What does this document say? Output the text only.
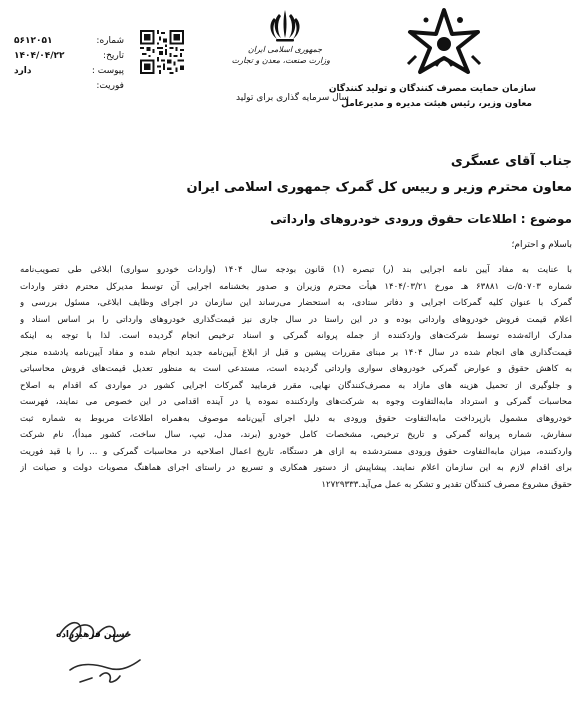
سازمان حمایت مصرف کنندگان و تولید کنندگان
معاون وزیر، رئیس هیئت مدیره و مدیرعامل
جمهوری اسلامی ایران
وزارت صنعت، معدن و تجارت
سال سرمایه گذاری برای تولید
شماره:
۵۶۱۲۰۵۱
تاریخ:
۱۴۰۴/۰۴/۲۲
پیوست :
دارد
فوریت:
جناب آقای عسگری
معاون محترم وزیر و رییس کل گمرک جمهوری اسلامی ایران
موضوع : اطلاعات حقوق ورودی خودروهای وارداتی
باسلام و احترام؛
با عنایت به مفاد آیین نامه اجرایی بند (ر) تبصره (۱) قانون بودجه سال ۱۴۰۴ (واردات خودرو سواری) ابلاغی طی تصویب‌نامه
شماره ۵۰۷۰۳/ت ۶۳۸۸۱ هـ مورخ ۱۴۰۴/۰۳/۲۱ هیأت محترم وزیران و صدور بخشنامه اجرایی آن توسط مدیرکل محترم دفتر واردات
گمرک با عنوان کلیه گمرکات اجرایی و دفاتر ستادی، به استحضار می‌رساند این سازمان در اجرای وظایف ابلاغی، مسئول بررسی و
اعلام قیمت فروش خودروهای وارداتی بوده و در این راستا در سال جاری نیز قیمت‌گذاری خودروهای وارداتی را بر اساس اسناد و
مدارک ارائه‌شده توسط شرکت‌های واردکننده از جمله پروانه گمرکی و اسناد ترخیص انجام گردیده است. لذا با توجه به اینکه
قیمت‌گذاری های انجام شده در سال ۱۴۰۴ بر مبنای مقررات پیشین و قبل از ابلاغ آیین‌نامه جدید انجام شده و مفاد آیین‌نامه یادشده منجر
به کاهش حقوق و عوارض گمرکی خودروهای سواری وارداتی گردیده است، مستدعی است به منظور تعدیل قیمت‌های فروش محاسباتی
و جلوگیری از تحمیل هزینه های مازاد به مصرف‌کنندگان نهایی، مقرر فرمایید گمرکات اجرایی کشور در مواردی که اقدام به اصلاح
محاسبات گمرکی و استرداد مابه‌التفاوت وجوه به شرکت‌های واردکننده نموده یا در آینده اقدامی در این خصوص می نمایند، فهرست
خودروهای مشمول بازپرداخت مابه‌التفاوت حقوق ورودی به دلیل اجرای آیین‌نامه موصوف به‌همراه اطلاعات مربوط به شماره ثبت
سفارش، شماره پروانه گمرکی و تاریخ ترخیص، مشخصات کامل خودرو (برند، مدل، تیپ، سال ساخت، کشور مبدأ)، نام شرکت
واردکننده، میزان مابه‌التفاوت حقوق ورودی مستردشده به ازای هر دستگاه، تاریخ اعمال اصلاحیه در محاسبات گمرکی و ... را با قید فوریت
برای اقدام لازم به این سازمان اعلام نمایند. پیشاپیش از دستور همکاری و تسریع در راستای اجرای هماهنگ مصوبات دولت و صیانت از
حقوق مشروع مصرف کنندگان تقدیر و تشکر به عمل می‌آید.۱۲۷۲۹۳۳۳
حسین فرهیدزاده
